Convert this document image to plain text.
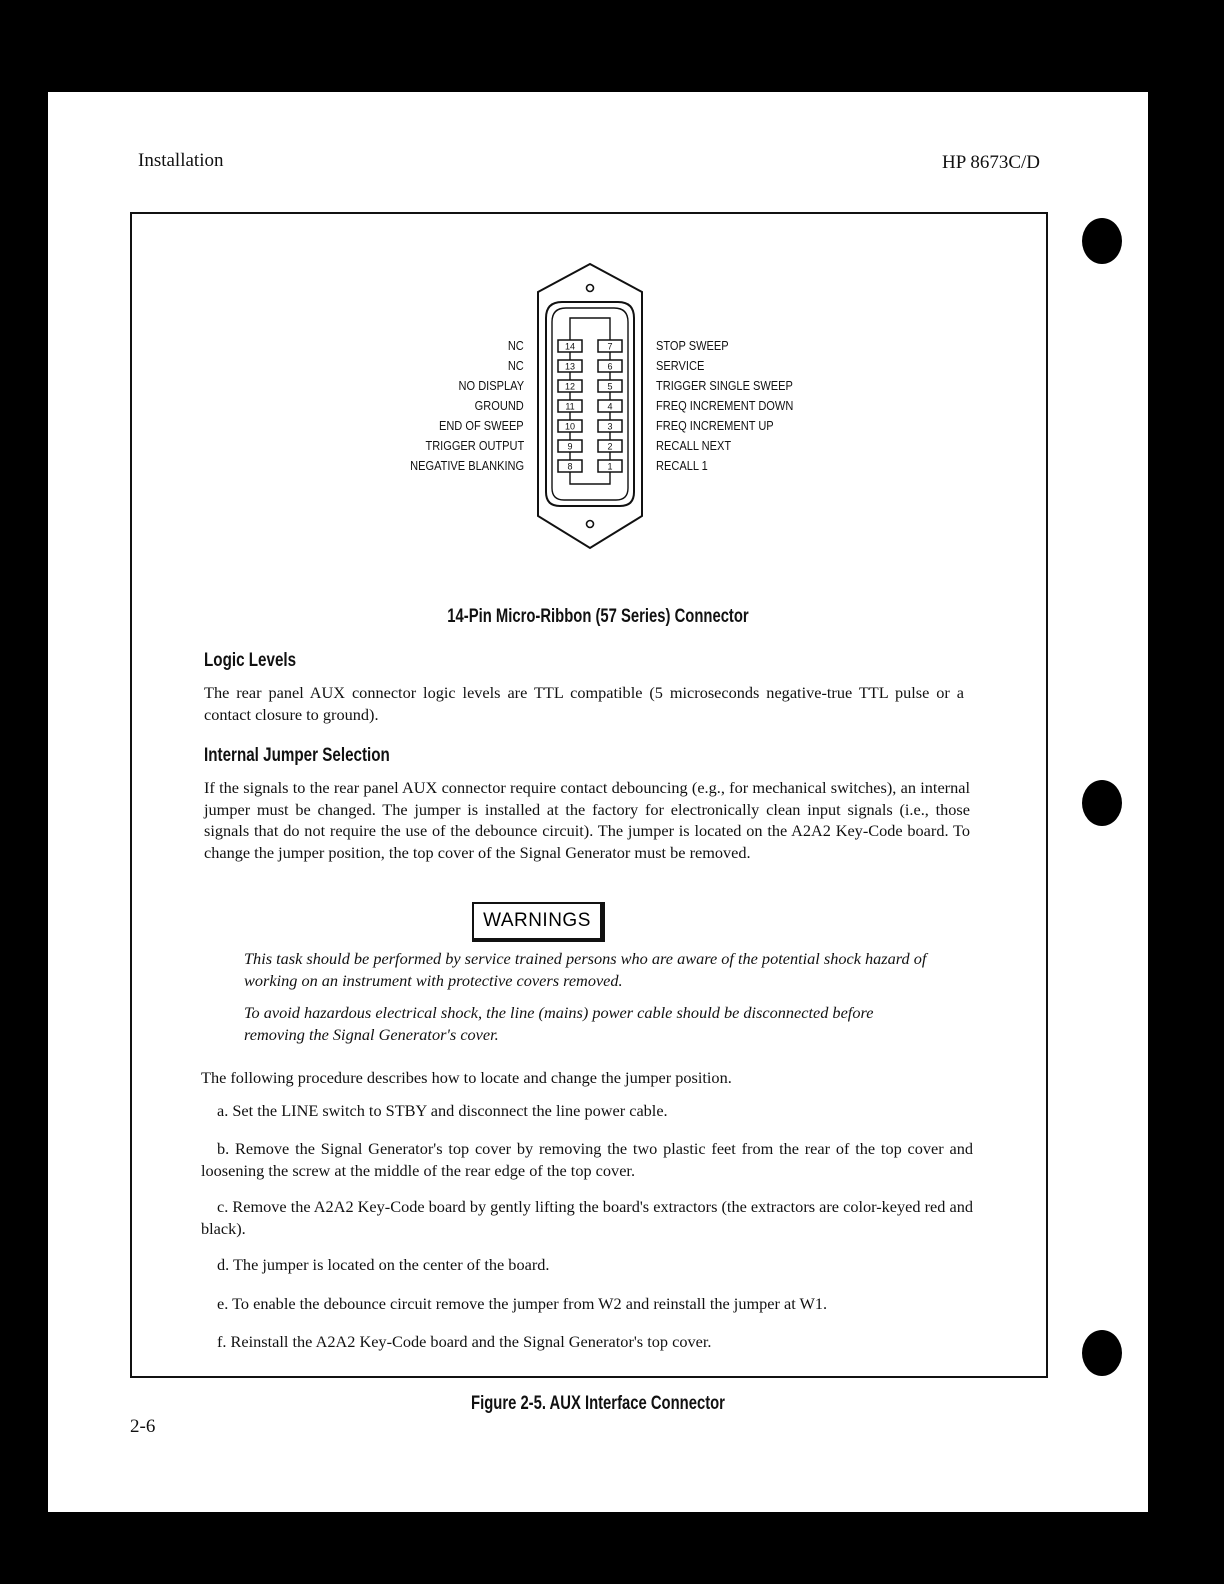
Installation	HP 8673C/D
14
13
12
11
10
9
8
7
6
5
4
3
2
1
14-Pin Micro-Ribbon (57 Series) Connector
Logic Levels
The rear panel AUX connector logic levels are TTL compatible (5 microseconds negative-true TTL pulse or a contact closure to ground).
Internal Jumper Selection
If the signals to the rear panel AUX connector require contact debouncing (e.g., for mechanical switches), an internal jumper must be changed. The jumper is installed at the factory for electronically clean input signals (i.e., those signals that do not require the use of the debounce circuit). The jumper is located on the A2A2 Key-Code board. To change the jumper position, the top cover of the Signal Generator must be removed.
WARNINGS
This task should be performed by service trained persons who are aware of the potential shock hazard of working on an instrument with protective covers removed.
To avoid hazardous electrical shock, the line (mains) power cable should be disconnected before removing the Signal Generator's cover.
The following procedure describes how to locate and change the jumper position.
a. Set the LINE switch to STBY and disconnect the line power cable.
b. Remove the Signal Generator's top cover by removing the two plastic feet from the rear of the top cover and loosening the screw at the middle of the rear edge of the top cover.
c. Remove the A2A2 Key-Code board by gently lifting the board's extractors (the extractors are color-keyed red and black).
d. The jumper is located on the center of the board.
e. To enable the debounce circuit remove the jumper from W2 and reinstall the jumper at W1.
f. Reinstall the A2A2 Key-Code board and the Signal Generator's top cover.
Figure 2-5. AUX Interface Connector
2-6
NC
NC
NO DISPLAY
GROUND
END OF SWEEP
TRIGGER OUTPUT
NEGATIVE BLANKING
STOP SWEEP
SERVICE
TRIGGER SINGLE SWEEP
FREQ INCREMENT DOWN
FREQ INCREMENT UP
RECALL NEXT
RECALL 1
